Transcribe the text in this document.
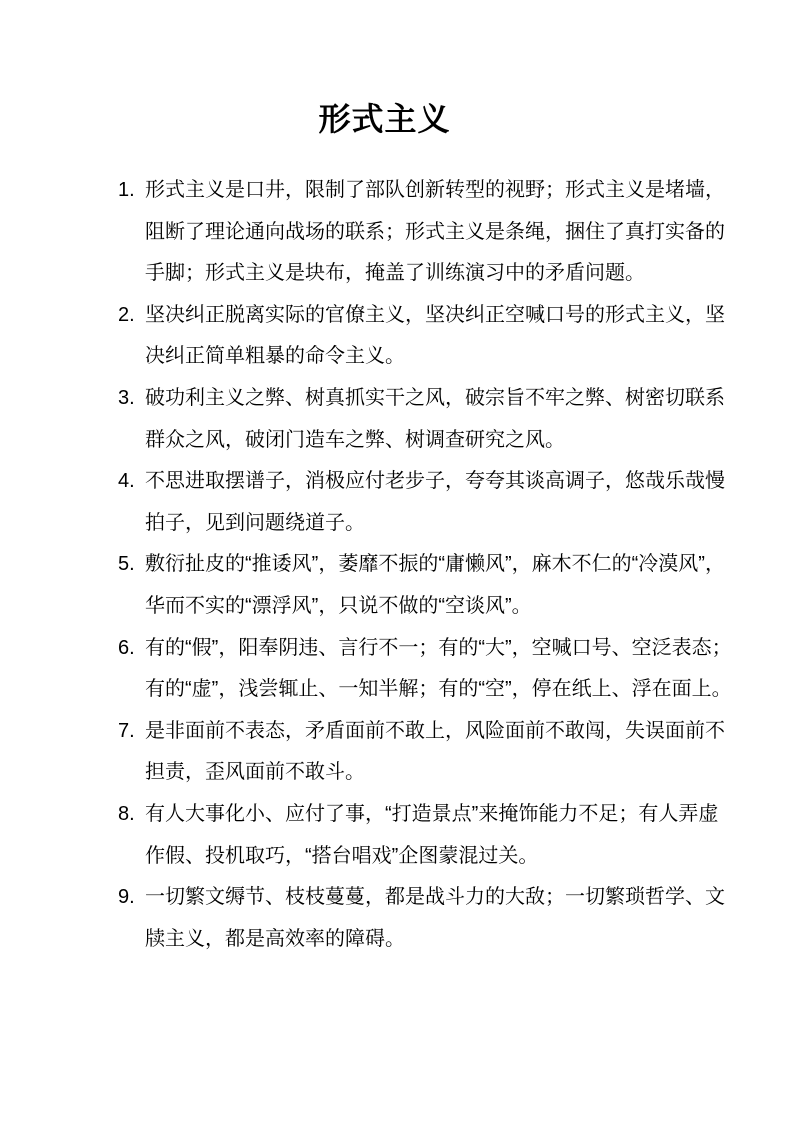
形式主义
1. 形式主义是口井，限制了部队创新转型的视野；形式主义是堵墙，阻断了理论通向战场的联系；形式主义是条绳，捆住了真打实备的手脚；形式主义是块布，掩盖了训练演习中的矛盾问题。
2. 坚决纠正脱离实际的官僚主义，坚决纠正空喊口号的形式主义，坚决纠正简单粗暴的命令主义。
3. 破功利主义之弊、树真抓实干之风，破宗旨不牢之弊、树密切联系群众之风，破闭门造车之弊、树调查研究之风。
4. 不思进取摆谱子，消极应付老步子，夸夸其谈高调子，悠哉乐哉慢拍子，见到问题绕道子。
5. 敷衍扯皮的“推诿风”，萎靡不振的“庸懒风”，麻木不仁的“冷漠风”，华而不实的“漂浮风”，只说不做的“空谈风”。
6. 有的“假”，阳奉阴违、言行不一；有的“大”，空喊口号、空泛表态；有的“虚”，浅尝辄止、一知半解；有的“空”，停在纸上、浮在面上。
7. 是非面前不表态，矛盾面前不敢上，风险面前不敢闯，失误面前不担责，歪风面前不敢斗。
8. 有人大事化小、应付了事，“打造景点”来掩饰能力不足；有人弄虚作假、投机取巧，“搭台唱戏”企图蒙混过关。
9. 一切繁文缛节、枝枝蔓蔓，都是战斗力的大敌；一切繁琐哲学、文牍主义，都是高效率的障碍。
